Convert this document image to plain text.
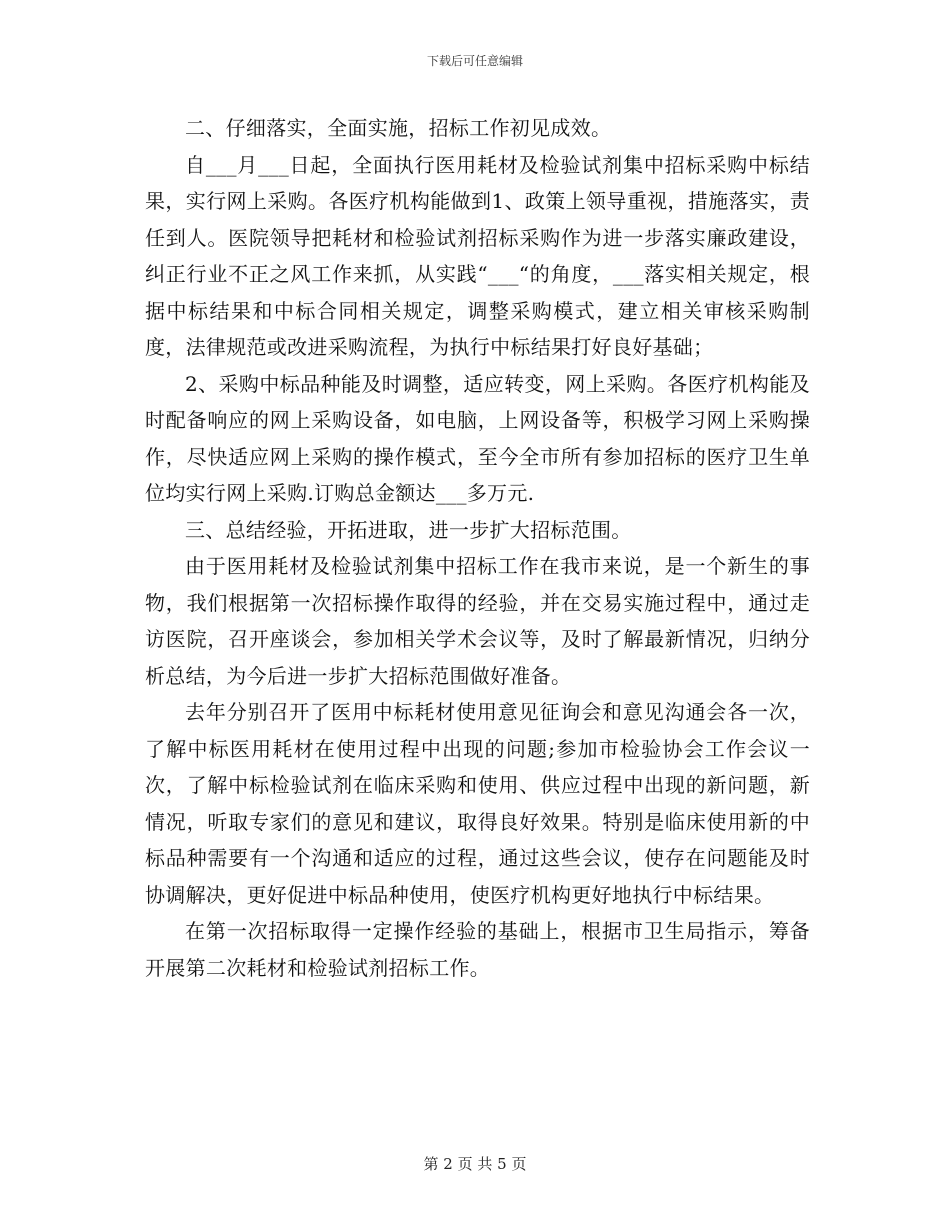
下载后可任意编辑

二、仔细落实，全面实施，招标工作初见成效。

自___月___日起，全面执行医用耗材及检验试剂集中招标采购中标结果，实行网上采购。各医疗机构能做到1、政策上领导重视，措施落实，责任到人。医院领导把耗材和检验试剂招标采购作为进一步落实廉政建设，纠正行业不正之风工作来抓，从实践“___“的角度，___落实相关规定，根据中标结果和中标合同相关规定，调整采购模式，建立相关审核采购制度，法律规范或改进采购流程，为执行中标结果打好良好基础；

2、采购中标品种能及时调整，适应转变，网上采购。各医疗机构能及时配备响应的网上采购设备，如电脑，上网设备等，积极学习网上采购操作，尽快适应网上采购的操作模式，至今全市所有参加招标的医疗卫生单位均实行网上采购.订购总金额达___多万元.

三、总结经验，开拓进取，进一步扩大招标范围。

由于医用耗材及检验试剂集中招标工作在我市来说，是一个新生的事物，我们根据第一次招标操作取得的经验，并在交易实施过程中，通过走访医院，召开座谈会，参加相关学术会议等，及时了解最新情况，归纳分析总结，为今后进一步扩大招标范围做好准备。

去年分别召开了医用中标耗材使用意见征询会和意见沟通会各一次，了解中标医用耗材在使用过程中出现的问题;参加市检验协会工作会议一次，了解中标检验试剂在临床采购和使用、供应过程中出现的新问题，新情况，听取专家们的意见和建议，取得良好效果。特别是临床使用新的中标品种需要有一个沟通和适应的过程，通过这些会议，使存在问题能及时协调解决，更好促进中标品种使用，使医疗机构更好地执行中标结果。

在第一次招标取得一定操作经验的基础上，根据市卫生局指示，筹备开展第二次耗材和检验试剂招标工作。

第 2 页 共 5 页
